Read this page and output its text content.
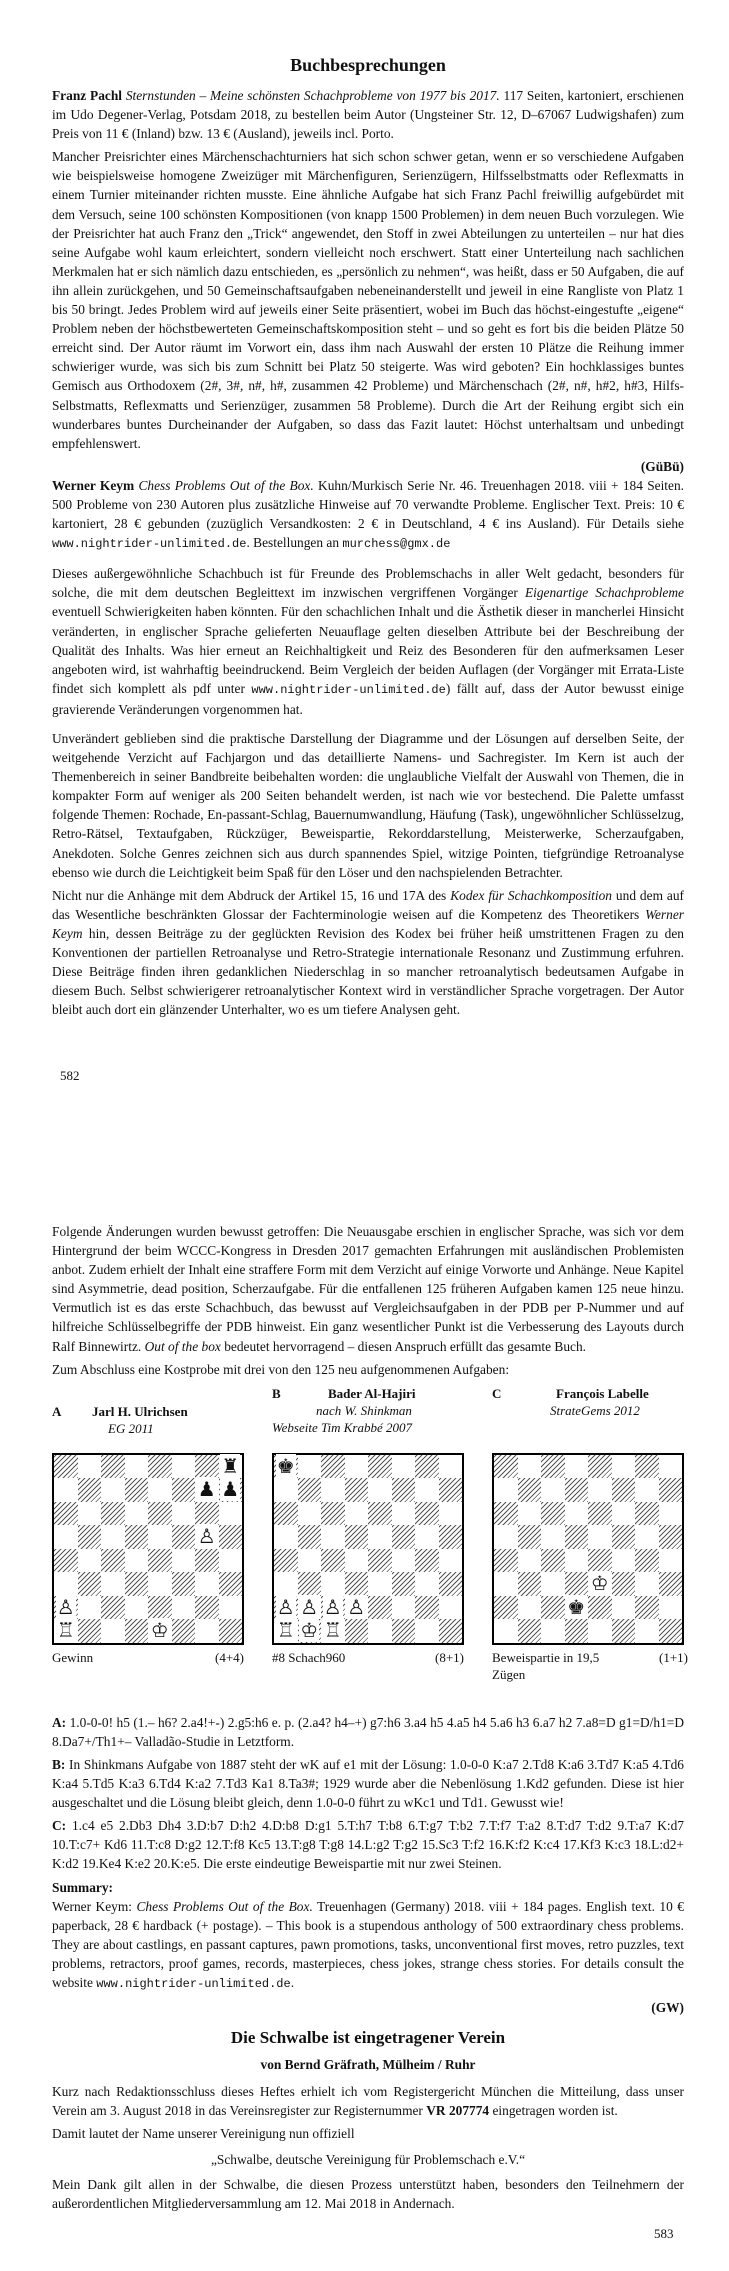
Buchbesprechungen

Franz Pachl Sternstunden – Meine schönsten Schachprobleme von 1977 bis 2017. 117 Seiten, kartoniert, erschienen im Udo Degener-Verlag, Potsdam 2018, zu bestellen beim Autor (Ungsteiner Str. 12, D–67067 Ludwigshafen) zum Preis von 11 € (Inland) bzw. 13 € (Ausland), jeweils incl. Porto.

Mancher Preisrichter eines Märchenschachturniers hat sich schon schwer getan, wenn er so verschiedene Aufgaben wie beispielsweise homogene Zweizüger mit Märchenfiguren, Serienzügern, Hilfsselbstmatts oder Reflexmatts in einem Turnier miteinander richten musste. Eine ähnliche Aufgabe hat sich Franz Pachl freiwillig aufgebürdet mit dem Versuch, seine 100 schönsten Kompositionen (von knapp 1500 Problemen) in dem neuen Buch vorzulegen. Wie der Preisrichter hat auch Franz den „Trick“ angewendet, den Stoff in zwei Abteilungen zu unterteilen – nur hat dies seine Aufgabe wohl kaum erleichtert, sondern vielleicht noch erschwert. Statt einer Unterteilung nach sachlichen Merkmalen hat er sich nämlich dazu entschieden, es „persönlich zu nehmen“, was heißt, dass er 50 Aufgaben, die auf ihn allein zurückgehen, und 50 Gemeinschaftsaufgaben nebeneinanderstellt und jeweil in eine Rangliste von Platz 1 bis 50 bringt. Jedes Problem wird auf jeweils einer Seite präsentiert, wobei im Buch das höchst-eingestufte „eigene“ Problem neben der höchstbewerteten Gemeinschaftskomposition steht – und so geht es fort bis die beiden Plätze 50 erreicht sind. Der Autor räumt im Vorwort ein, dass ihm nach Auswahl der ersten 10 Plätze die Reihung immer schwieriger wurde, was sich bis zum Schnitt bei Platz 50 steigerte. Was wird geboten? Ein hochklassiges buntes Gemisch aus Orthodoxem (2#, 3#, n#, h#, zusammen 42 Probleme) und Märchenschach (2#, n#, h#2, h#3, Hilfs-Selbstmatts, Reflexmatts und Serienzüger, zusammen 58 Probleme). Durch die Art der Reihung ergibt sich ein wunderbares buntes Durcheinander der Aufgaben, so dass das Fazit lautet: Höchst unterhaltsam und unbedingt empfehlenswert.

(GüBü)

Werner Keym Chess Problems Out of the Box. Kuhn/Murkisch Serie Nr. 46. Treuenhagen 2018. viii + 184 Seiten. 500 Probleme von 230 Autoren plus zusätzliche Hinweise auf 70 verwandte Probleme. Englischer Text. Preis: 10 € kartoniert, 28 € gebunden (zuzüglich Versandkosten: 2 € in Deutschland, 4 € ins Ausland). Für Details siehe www.nightrider-unlimited.de. Bestellungen an murchess@gmx.de

Dieses außergewöhnliche Schachbuch ist für Freunde des Problemschachs in aller Welt gedacht, besonders für solche, die mit dem deutschen Begleittext im inzwischen vergriffenen Vorgänger Eigenartige Schachprobleme eventuell Schwierigkeiten haben könnten. Für den schachlichen Inhalt und die Ästhetik dieser in mancherlei Hinsicht veränderten, in englischer Sprache gelieferten Neuauflage gelten dieselben Attribute bei der Beschreibung der Qualität des Inhalts. Was hier erneut an Reichhaltigkeit und Reiz des Besonderen für den aufmerksamen Leser angeboten wird, ist wahrhaftig beeindruckend. Beim Vergleich der beiden Auflagen (der Vorgänger mit Errata-Liste findet sich komplett als pdf unter www.nightrider-unlimited.de) fällt auf, dass der Autor bewusst einige gravierende Veränderungen vorgenommen hat.

Unverändert geblieben sind die praktische Darstellung der Diagramme und der Lösungen auf derselben Seite, der weitgehende Verzicht auf Fachjargon und das detaillierte Namens- und Sachregister. Im Kern ist auch der Themenbereich in seiner Bandbreite beibehalten worden: die unglaubliche Vielfalt der Auswahl von Themen, die in kompakter Form auf weniger als 200 Seiten behandelt werden, ist nach wie vor bestechend. Die Palette umfasst folgende Themen: Rochade, En-passant-Schlag, Bauernumwandlung, Häufung (Task), ungewöhnlicher Schlüsselzug, Retro-Rätsel, Textaufgaben, Rückzüger, Beweispartie, Rekorddarstellung, Meisterwerke, Scherzaufgaben, Anekdoten. Solche Genres zeichnen sich aus durch spannendes Spiel, witzige Pointen, tiefgründige Retroanalyse ebenso wie durch die Leichtigkeit beim Spaß für den Löser und den nachspielenden Betrachter.

Nicht nur die Anhänge mit dem Abdruck der Artikel 15, 16 und 17A des Kodex für Schachkomposition und dem auf das Wesentliche beschränkten Glossar der Fachterminologie weisen auf die Kompetenz des Theoretikers Werner Keym hin, dessen Beiträge zu der geglückten Revision des Kodex bei früher heiß umstrittenen Fragen zu den Konventionen der partiellen Retroanalyse und Retro-Strategie internationale Resonanz und Zustimmung erfuhren. Diese Beiträge finden ihren gedanklichen Niederschlag in so mancher retroanalytisch bedeutsamen Aufgabe in diesem Buch. Selbst schwierigerer retroanalytischer Kontext wird in verständlicher Sprache vorgetragen. Der Autor bleibt auch dort ein glänzender Unterhalter, wo es um tiefere Analysen geht.

582

Folgende Änderungen wurden bewusst getroffen: Die Neuausgabe erschien in englischer Sprache, was sich vor dem Hintergrund der beim WCCC-Kongress in Dresden 2017 gemachten Erfahrungen mit ausländischen Problemisten anbot. Zudem erhielt der Inhalt eine straffere Form mit dem Verzicht auf einige Vorworte und Anhänge. Neue Kapitel sind Asymmetrie, dead position, Scherzaufgabe. Für die entfallenen 125 früheren Aufgaben kamen 125 neue hinzu. Vermutlich ist es das erste Schachbuch, das bewusst auf Vergleichsaufgaben in der PDB per P-Nummer und auf hilfreiche Schlüsselbegriffe der PDB hinweist. Ein ganz wesentlicher Punkt ist die Verbesserung des Layouts durch Ralf Binnewirtz. Out of the box bedeutet hervorragend – diesen Anspruch erfüllt das gesamte Buch.

Zum Abschluss eine Kostprobe mit drei von den 125 neu aufgenommenen Aufgaben:

A Jarl H. Ulrichsen
EG 2011
♜
♟ ♟
♙
♙
♖	♔
Gewinn	(4+4)
B	Bader Al-Hajiri
nach W. Shinkman
Webseite Tim Krabbé 2007
♚
♙ ♙ ♙ ♙
♖ ♔ ♖
#8 Schach960	(8+1)
C	François Labelle
StrateGems 2012
♔
♚
Beweispartie in 19,5 Zügen
(1+1)

A: 1.0-0-0! h5 (1.– h6? 2.a4!+-) 2.g5:h6 e. p. (2.a4? h4–+) g7:h6 3.a4 h5 4.a5 h4 5.a6 h3 6.a7 h2 7.a8=D g1=D/h1=D 8.Da7+/Th1+– Valladão-Studie in Letztform.

B: In Shinkmans Aufgabe von 1887 steht der wK auf e1 mit der Lösung: 1.0-0-0 K:a7 2.Td8 K:a6 3.Td7 K:a5 4.Td6 K:a4 5.Td5 K:a3 6.Td4 K:a2 7.Td3 Ka1 8.Ta3#; 1929 wurde aber die Nebenlösung 1.Kd2 gefunden. Diese ist hier ausgeschaltet und die Lösung bleibt gleich, denn 1.0-0-0 führt zu wKc1 und Td1. Gewusst wie!

C: 1.c4 e5 2.Db3 Dh4 3.D:b7 D:h2 4.D:b8 D:g1 5.T:h7 T:b8 6.T:g7 T:b2 7.T:f7 T:a2 8.T:d7 T:d2 9.T:a7 K:d7 10.T:c7+ Kd6 11.T:c8 D:g2 12.T:f8 Kc5 13.T:g8 T:g8 14.L:g2 T:g2 15.Sc3 T:f2 16.K:f2 K:c4 17.Kf3 K:c3 18.L:d2+ K:d2 19.Ke4 K:e2 20.K:e5. Die erste eindeutige Beweispartie mit nur zwei Steinen.

Summary:

Werner Keym: Chess Problems Out of the Box. Treuenhagen (Germany) 2018. viii + 184 pages. English text. 10 € paperback, 28 € hardback (+ postage). – This book is a stupendous anthology of 500 extraordinary chess problems. They are about castlings, en passant captures, pawn promotions, tasks, unconventional first moves, retro puzzles, text problems, retractors, proof games, records, masterpieces, chess jokes, strange chess stories. For details consult the website www.nightrider-unlimited.de.

(GW)
Die Schwalbe ist eingetragener Verein
von Bernd Gräfrath, Mülheim / Ruhr

Kurz nach Redaktionsschluss dieses Heftes erhielt ich vom Registergericht München die Mitteilung, dass unser Verein am 3. August 2018 in das Vereinsregister zur Registernummer VR 207774 eingetragen worden ist.

Damit lautet der Name unserer Vereinigung nun offiziell

„Schwalbe, deutsche Vereinigung für Problemschach e.V.“

Mein Dank gilt allen in der Schwalbe, die diesen Prozess unterstützt haben, besonders den Teilnehmern der außerordentlichen Mitgliederversammlung am 12. Mai 2018 in Andernach.

583
